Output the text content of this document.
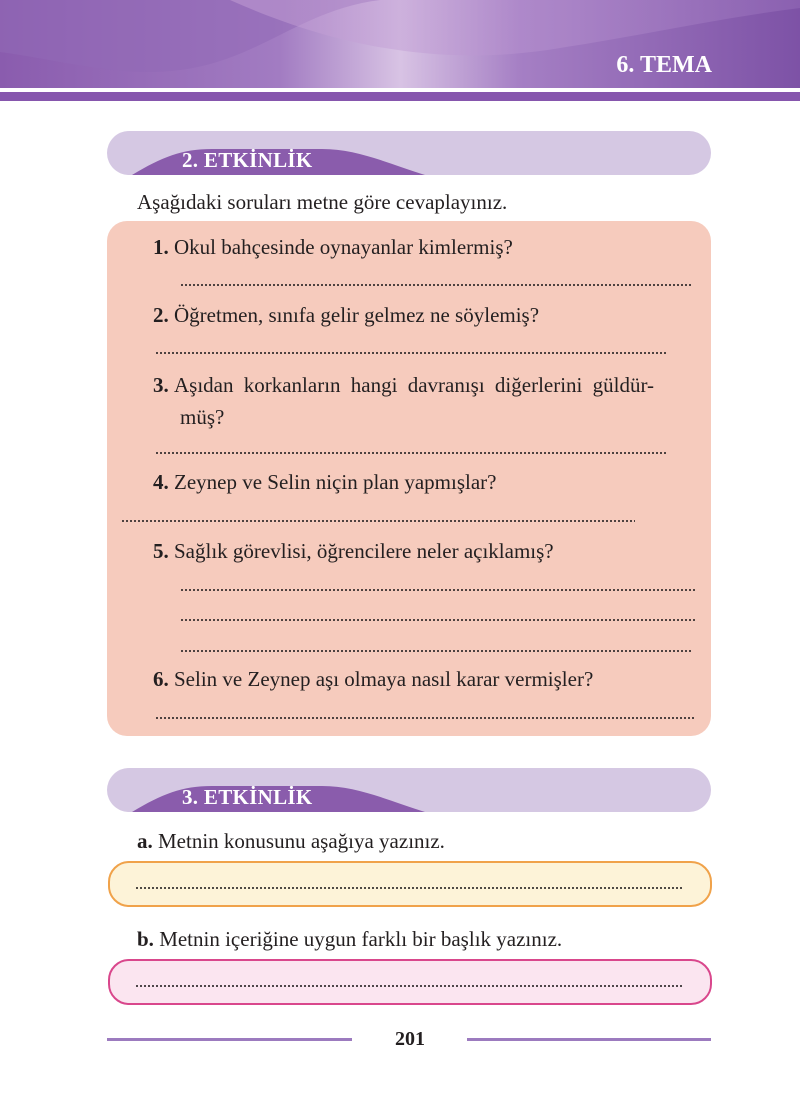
6. TEMA
2. ETKİNLİK
Aşağıdaki soruları metne göre cevaplayınız.
1. Okul bahçesinde oynayanlar kimlermiş?
2. Öğretmen, sınıfa gelir gelmez ne söylemiş?
3. Aşıdan korkanların hangi davranışı diğerlerini güldür-
müş?
4. Zeynep ve Selin niçin plan yapmışlar?
5. Sağlık görevlisi, öğrencilere neler açıklamış?
6. Selin ve Zeynep aşı olmaya nasıl karar vermişler?
3. ETKİNLİK
a. Metnin konusunu aşağıya yazınız.
b. Metnin içeriğine uygun farklı bir başlık yazınız.
201
